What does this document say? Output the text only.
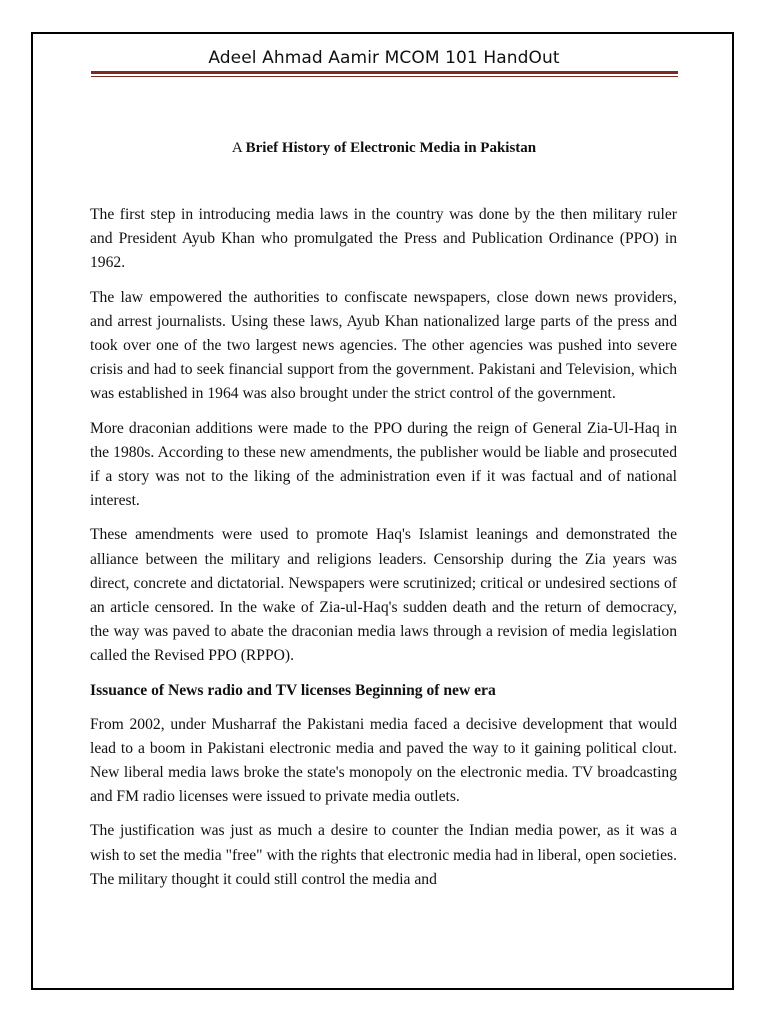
Adeel Ahmad Aamir MCOM 101 HandOut
A Brief History of Electronic Media in Pakistan

The first step in introducing media laws in the country was done by the then military ruler and President Ayub Khan who promulgated the Press and Publication Ordinance (PPO) in 1962.

The law empowered the authorities to confiscate newspapers, close down news providers, and arrest journalists. Using these laws, Ayub Khan nationalized large parts of the press and took over one of the two largest news agencies. The other agencies was pushed into severe crisis and had to seek financial support from the government. Pakistani and Television, which was established in 1964 was also brought under the strict control of the government.

More draconian additions were made to the PPO during the reign of General Zia-Ul-Haq in the 1980s. According to these new amendments, the publisher would be liable and prosecuted if a story was not to the liking of the administration even if it was factual and of national interest.

These amendments were used to promote Haq's Islamist leanings and demonstrated the alliance between the military and religions leaders. Censorship during the Zia years was direct, concrete and dictatorial. Newspapers were scrutinized; critical or undesired sections of an article censored. In the wake of Zia-ul-Haq's sudden death and the return of democracy, the way was paved to abate the draconian media laws through a revision of media legislation called the Revised PPO (RPPO).

Issuance of News radio and TV licenses Beginning of new era

From 2002, under Musharraf the Pakistani media faced a decisive development that would lead to a boom in Pakistani electronic media and paved the way to it gaining political clout. New liberal media laws broke the state's monopoly on the electronic media. TV broadcasting and FM radio licenses were issued to private media outlets.

The justification was just as much a desire to counter the Indian media power, as it was a wish to set the media "free" with the rights that electronic media had in liberal, open societies. The military thought it could still control the media and
